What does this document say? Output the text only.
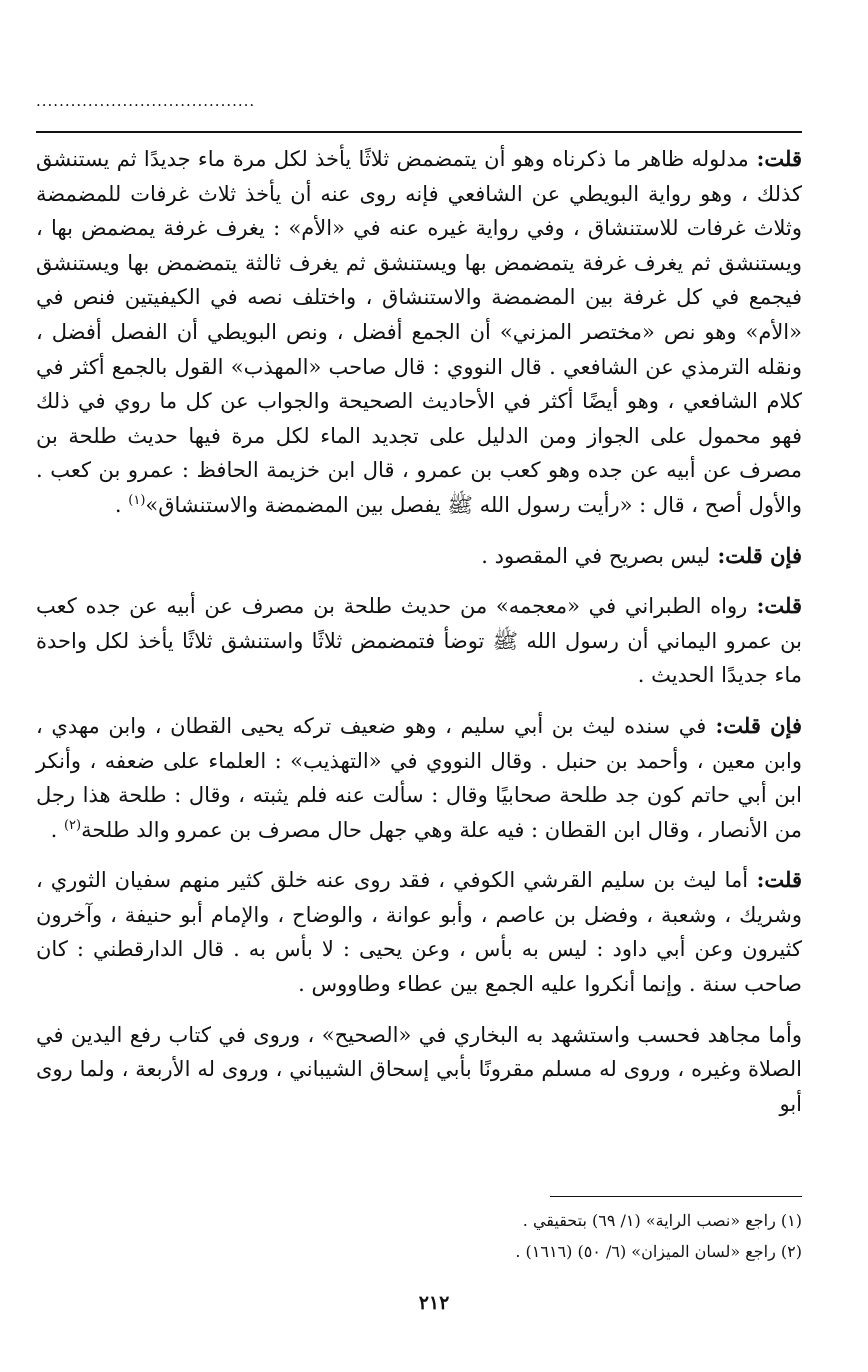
......................................

قلت: مدلوله ظاهر ما ذكرناه وهو أن يتمضمض ثلاثًا يأخذ لكل مرة ماء جديدًا ثم يستنشق كذلك ، وهو رواية البويطي عن الشافعي فإنه روى عنه أن يأخذ ثلاث غرفات للمضمضة وثلاث غرفات للاستنشاق ، وفي رواية غيره عنه في «الأم» : يغرف غرفة يمضمض بها ، ويستنشق ثم يغرف غرفة يتمضمض بها ويستنشق ثم يغرف ثالثة يتمضمض بها ويستنشق فيجمع في كل غرفة بين المضمضة والاستنشاق ، واختلف نصه في الكيفيتين فنص في «الأم» وهو نص «مختصر المزني» أن الجمع أفضل ، ونص البويطي أن الفصل أفضل ، ونقله الترمذي عن الشافعي . قال النووي : قال صاحب «المهذب» القول بالجمع أكثر في كلام الشافعي ، وهو أيضًا أكثر في الأحاديث الصحيحة والجواب عن كل ما روي في ذلك فهو محمول على الجواز ومن الدليل على تجديد الماء لكل مرة فيها حديث طلحة بن مصرف عن أبيه عن جده وهو كعب بن عمرو ، قال ابن خزيمة الحافظ : عمرو بن كعب . والأول أصح ، قال : «رأيت رسول الله ﷺ يفصل بين المضمضة والاستنشاق»$^{(١)}$ .

فإن قلت: ليس بصريح في المقصود .

قلت: رواه الطبراني في «معجمه» من حديث طلحة بن مصرف عن أبيه عن جده كعب بن عمرو اليماني أن رسول الله ﷺ توضأ فتمضمض ثلاثًا واستنشق ثلاثًا يأخذ لكل واحدة ماء جديدًا الحديث .

فإن قلت: في سنده ليث بن أبي سليم ، وهو ضعيف تركه يحيى القطان ، وابن مهدي ، وابن معين ، وأحمد بن حنبل . وقال النووي في «التهذيب» : العلماء على ضعفه ، وأنكر ابن أبي حاتم كون جد طلحة صحابيًا وقال : سألت عنه فلم يثبته ، وقال : طلحة هذا رجل من الأنصار ، وقال ابن القطان : فيه علة وهي جهل حال مصرف بن عمرو والد طلحة$^{(٢)}$ .

قلت: أما ليث بن سليم القرشي الكوفي ، فقد روى عنه خلق كثير منهم سفيان الثوري ، وشريك ، وشعبة ، وفضل بن عاصم ، وأبو عوانة ، والوضاح ، والإمام أبو حنيفة ، وآخرون كثيرون وعن أبي داود : ليس به بأس ، وعن يحيى : لا بأس به . قال الدارقطني : كان صاحب سنة . وإنما أنكروا عليه الجمع بين عطاء وطاووس .

وأما مجاهد فحسب واستشهد به البخاري في «الصحيح» ، وروى في كتاب رفع اليدين في الصلاة وغيره ، وروى له مسلم مقرونًا بأبي إسحاق الشيباني ، وروى له الأربعة ، ولما روى أبو

(١) راجع «نصب الراية» (١/ ٦٩) بتحقيقي .

(٢) راجع «لسان الميزان» (٦/ ٥٠) (١٦١٦) .

٢١٢
